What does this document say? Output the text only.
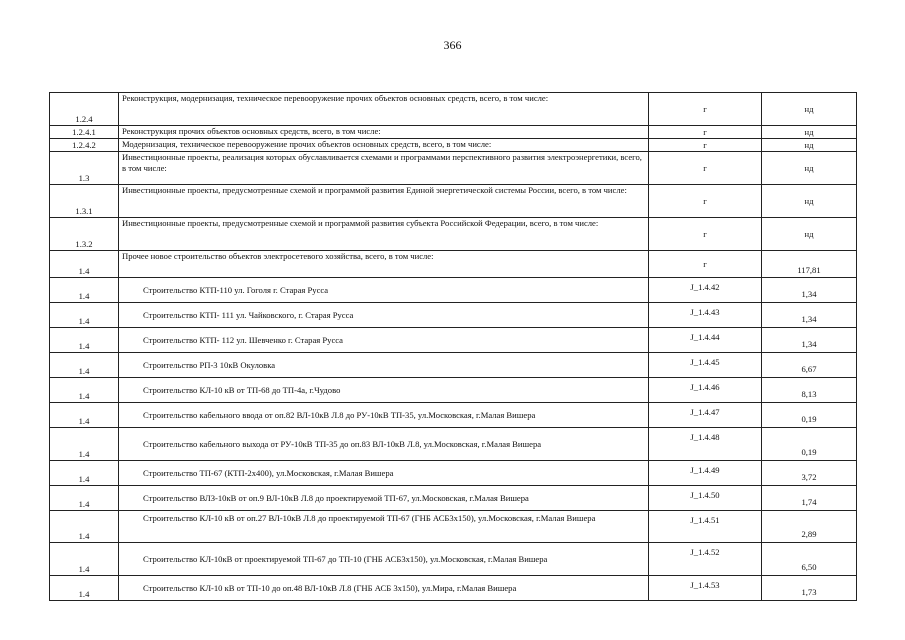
366
1.2.4	Реконструкция, модернизация, техническое перевооружение прочих объектов основных средств, всего, в том числе:	г	нд
1.2.4.1	Реконструкция прочих объектов основных средств, всего, в том числе:	г	нд
1.2.4.2	Модернизация, техническое перевооружение прочих объектов основных средств, всего, в том числе:	г	нд
1.3	Инвестиционные проекты, реализация которых обуславливается схемами и программами перспективного развития электроэнергетики, всего, в том числе:	г	нд
1.3.1	Инвестиционные проекты, предусмотренные схемой и программой развития Единой энергетической системы России, всего, в том числе:	г	нд
1.3.2	Инвестиционные проекты, предусмотренные схемой и программой развития субъекта Российской Федерации, всего, в том числе:	г	нд
1.4	Прочее новое строительство объектов электросетевого хозяйства, всего, в том числе:	г	117,81
1.4	Строительство КТП-110 ул. Гоголя г. Старая Русса	J_1.4.42	1,34
1.4	Строительство КТП- 111 ул. Чайковского, г. Старая Русса	J_1.4.43	1,34
1.4	Строительство КТП- 112 ул. Шевченко г. Старая Русса	J_1.4.44	1,34
1.4	Строительство РП-3 10кВ Окуловка	J_1.4.45	6,67
1.4	Строительство КЛ-10 кВ от ТП-68 до ТП-4а, г.Чудово	J_1.4.46	8,13
1.4	Строительство кабельного ввода от оп.82 ВЛ-10кВ Л.8 до РУ-10кВ ТП-35, ул.Московская, г.Малая Вишера	J_1.4.47	0,19
1.4	Строительство кабельного выхода от РУ-10кВ ТП-35 до оп.83 ВЛ-10кВ Л.8, ул.Московская, г.Малая Вишера	J_1.4.48	0,19
1.4	Строительство ТП-67 (КТП-2х400), ул.Московская, г.Малая Вишера	J_1.4.49	3,72
1.4	Строительство ВЛЗ-10кВ от оп.9 ВЛ-10кВ Л.8 до проектируемой ТП-67, ул.Московская, г.Малая Вишера	J_1.4.50	1,74
1.4	Строительство КЛ-10 кВ от оп.27 ВЛ-10кВ Л.8 до проектируемой ТП-67 (ГНБ АСБ3х150), ул.Московская, г.Малая Вишера	J_1.4.51	2,89
1.4	Строительство КЛ-10кВ от проектируемой ТП-67 до ТП-10 (ГНБ АСБ3х150), ул.Московская, г.Малая Вишера	J_1.4.52	6,50
1.4	Строительство КЛ-10 кВ от ТП-10 до оп.48 ВЛ-10кВ Л.8 (ГНБ АСБ 3х150), ул.Мира, г.Малая Вишера	J_1.4.53	1,73
